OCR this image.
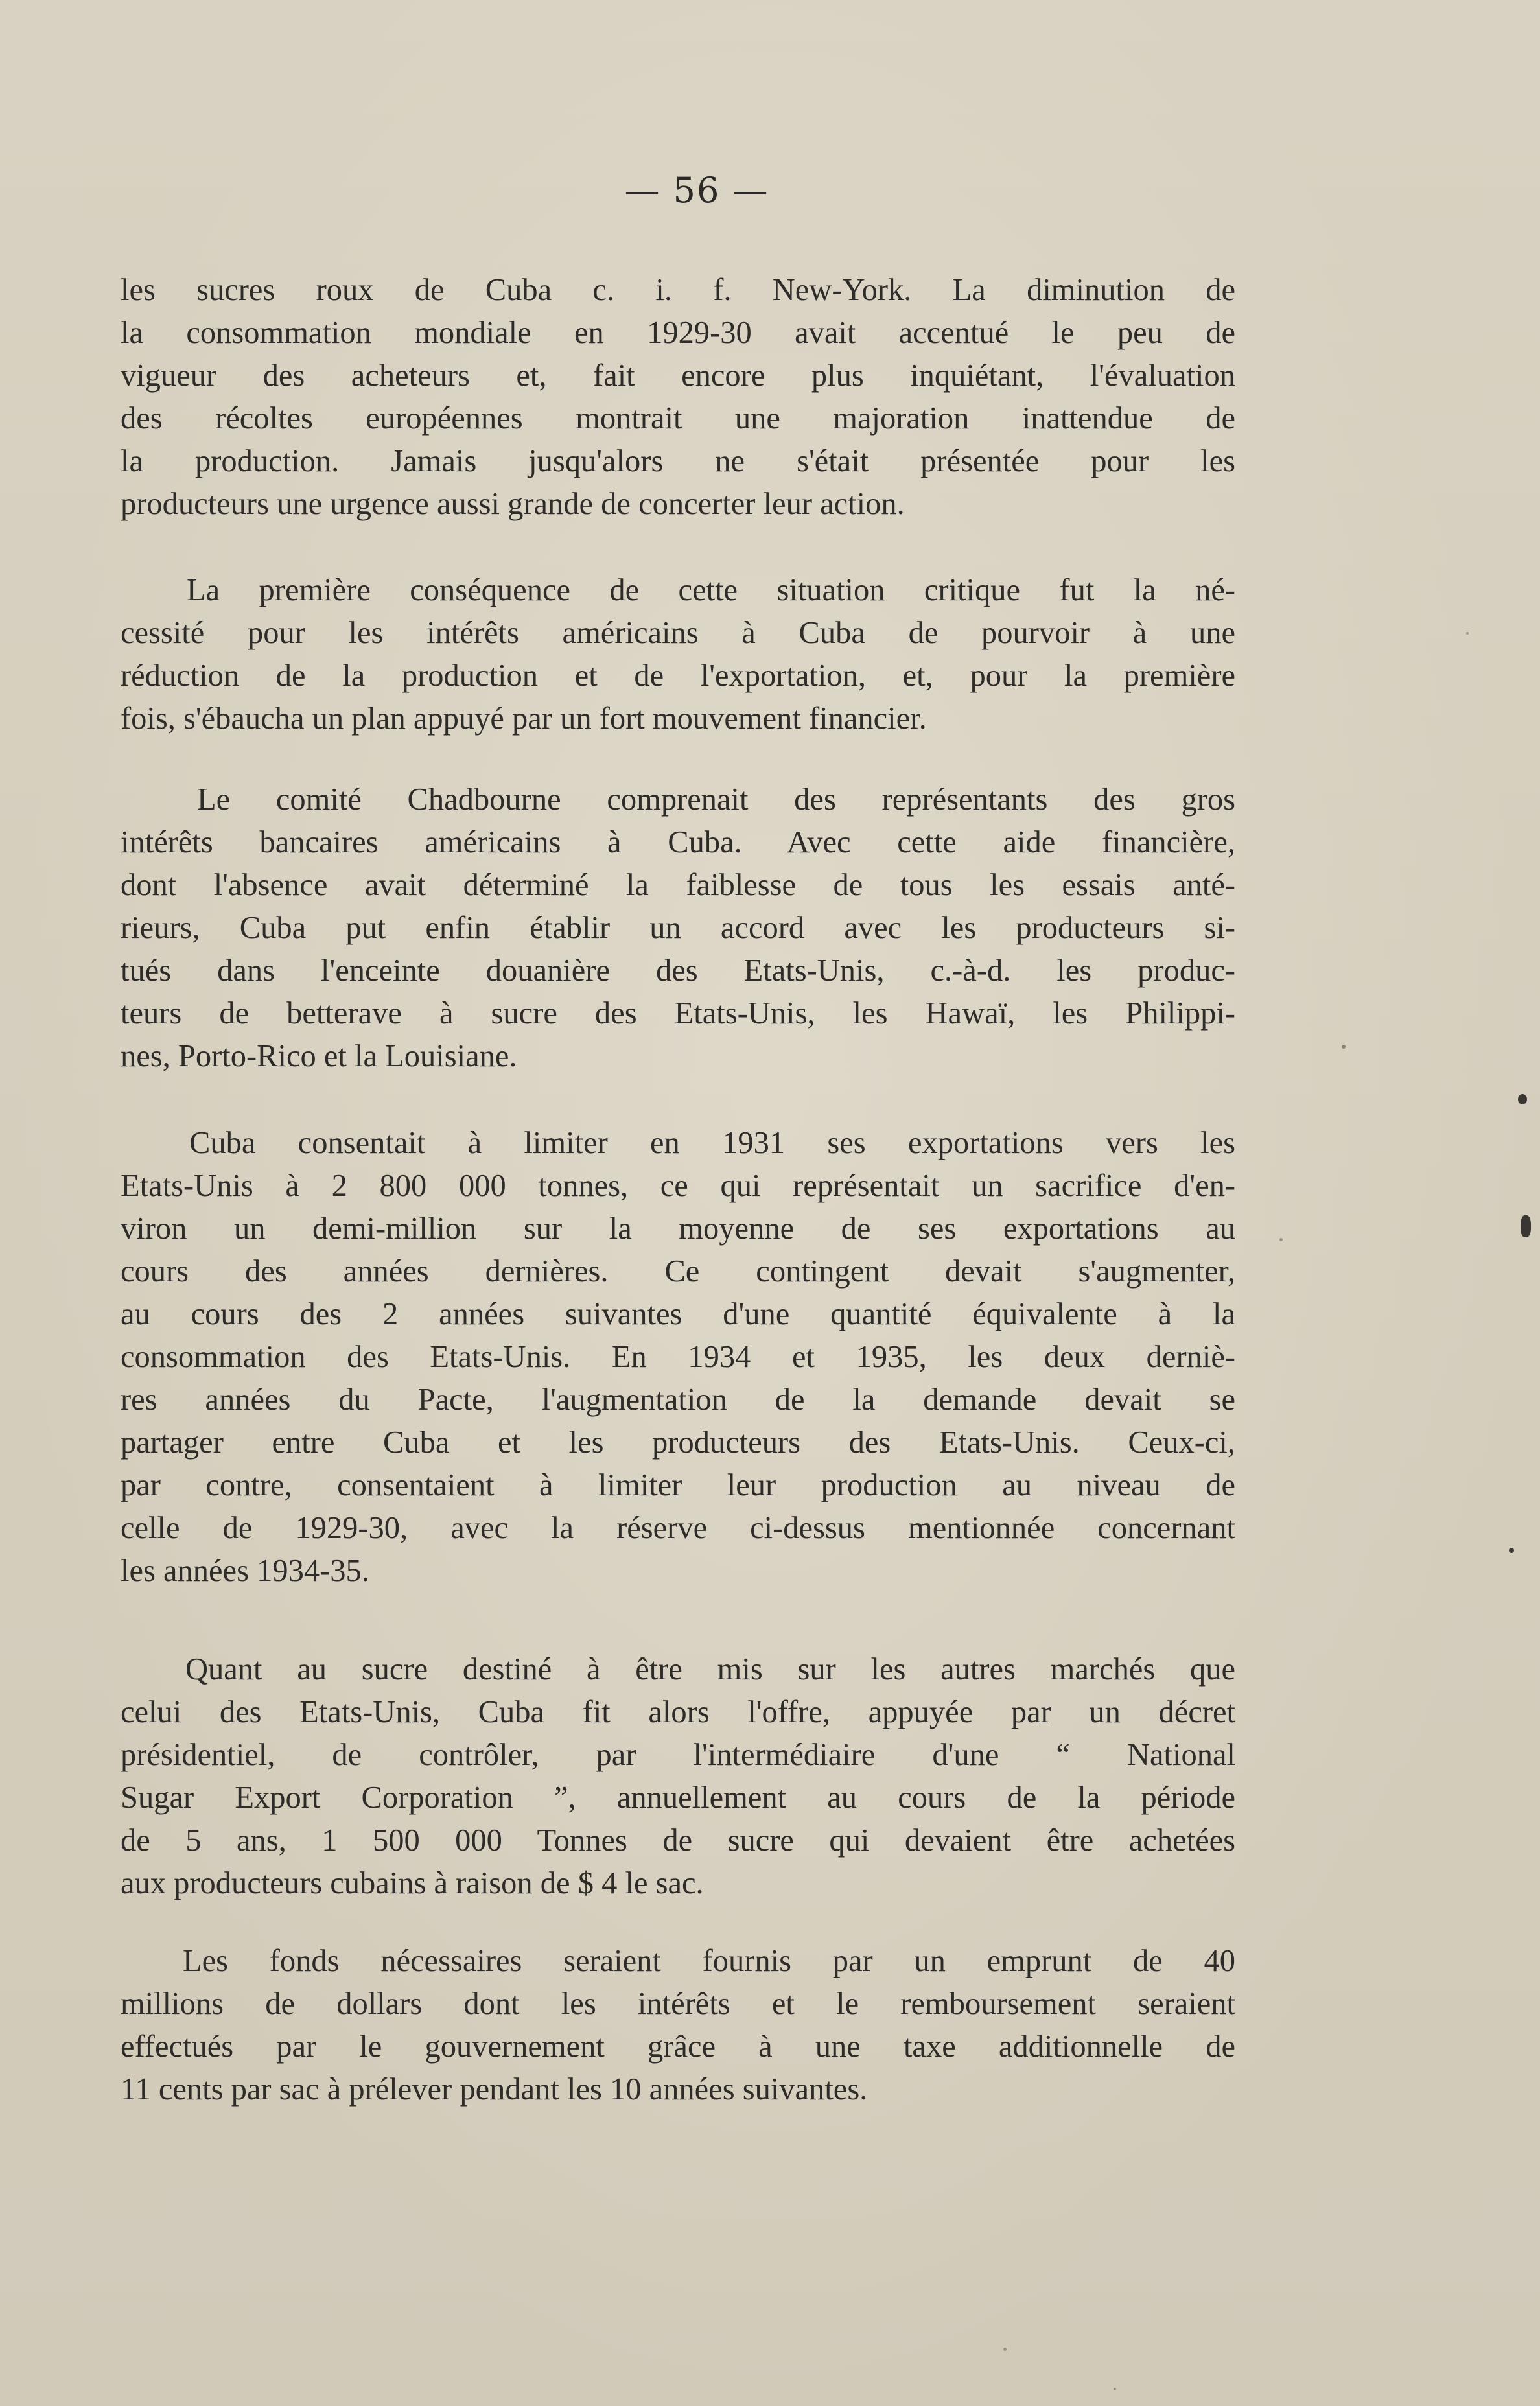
— 56 —
les sucres roux de Cuba c. i. f. New-York. La diminution de
la consommation mondiale en 1929-30 avait accentué le peu de
vigueur des acheteurs et, fait encore plus inquiétant, l'évaluation
des récoltes européennes montrait une majoration inattendue de
la production. Jamais jusqu'alors ne s'était présentée pour les
producteurs une urgence aussi grande de concerter leur action.
La première conséquence de cette situation critique fut la né-
cessité pour les intérêts américains à Cuba de pourvoir à une
réduction de la production et de l'exportation, et, pour la première
fois, s'ébaucha un plan appuyé par un fort mouvement financier.
Le comité Chadbourne comprenait des représentants des gros
intérêts bancaires américains à Cuba. Avec cette aide financière,
dont l'absence avait déterminé la faiblesse de tous les essais anté-
rieurs, Cuba put enfin établir un accord avec les producteurs si-
tués dans l'enceinte douanière des Etats-Unis, c.-à-d. les produc-
teurs de betterave à sucre des Etats-Unis, les Hawaï, les Philippi-
nes, Porto-Rico et la Louisiane.
Cuba consentait à limiter en 1931 ses exportations vers les
Etats-Unis à 2 800 000 tonnes, ce qui représentait un sacrifice d'en-
viron un demi-million sur la moyenne de ses exportations au
cours des années dernières. Ce contingent devait s'augmenter,
au cours des 2 années suivantes d'une quantité équivalente à la
consommation des Etats-Unis. En 1934 et 1935, les deux derniè-
res années du Pacte, l'augmentation de la demande devait se
partager entre Cuba et les producteurs des Etats-Unis. Ceux-ci,
par contre, consentaient à limiter leur production au niveau de
celle de 1929-30, avec la réserve ci-dessus mentionnée concernant
les années 1934-35.
Quant au sucre destiné à être mis sur les autres marchés que
celui des Etats-Unis, Cuba fit alors l'offre, appuyée par un décret
présidentiel, de contrôler, par l'intermédiaire d'une “ National
Sugar Export Corporation ”, annuellement au cours de la période
de 5 ans, 1 500 000 Tonnes de sucre qui devaient être achetées
aux producteurs cubains à raison de $ 4 le sac.
Les fonds nécessaires seraient fournis par un emprunt de 40
millions de dollars dont les intérêts et le remboursement seraient
effectués par le gouvernement grâce à une taxe additionnelle de
11 cents par sac à prélever pendant les 10 années suivantes.
